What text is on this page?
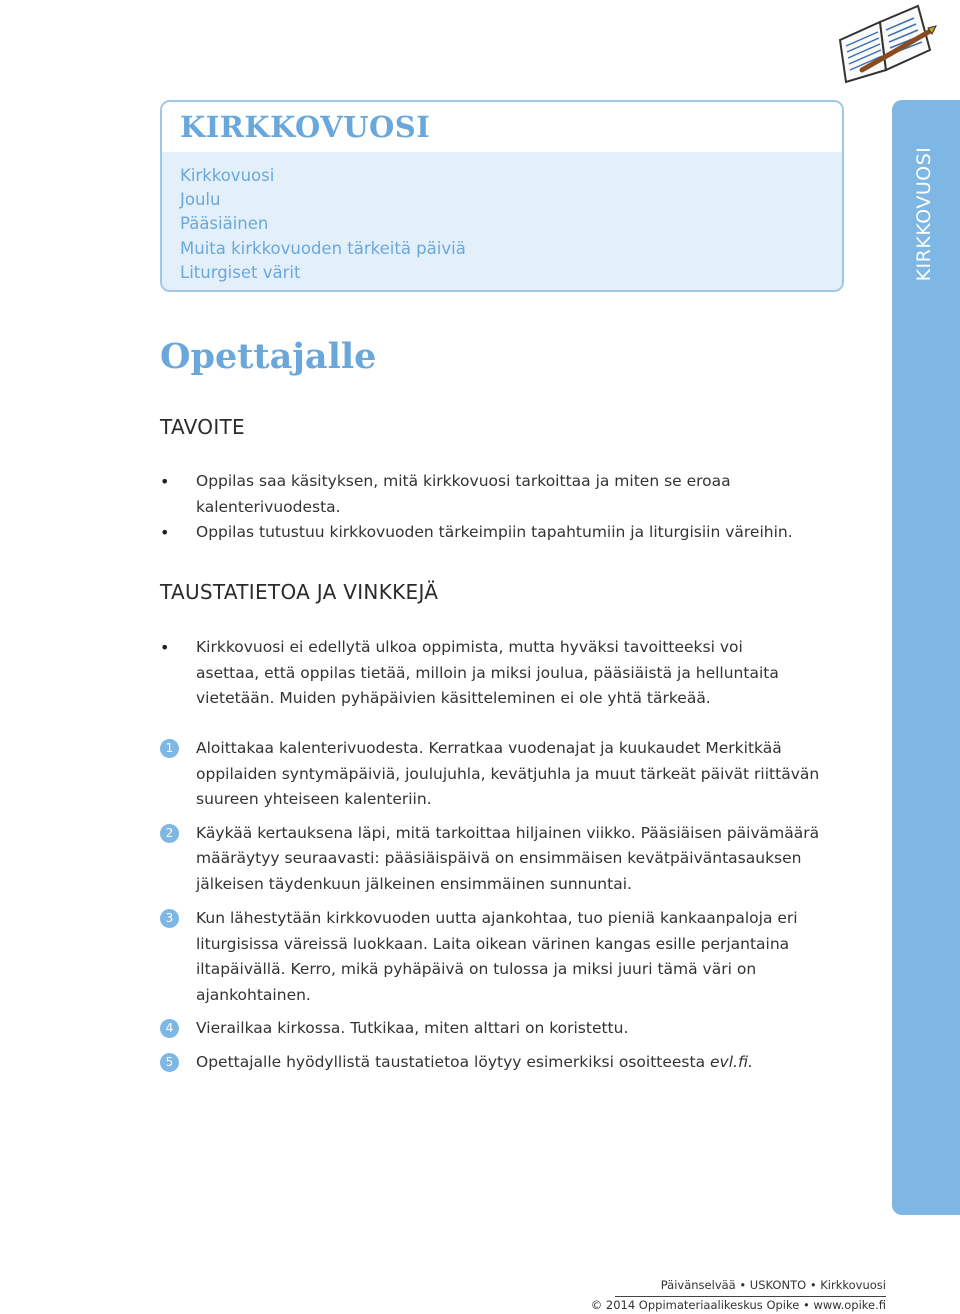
KIRKKOVUOSI
KIRKKOVUOSI
Kirkkovuosi
Joulu
Pääsiäinen
Muita kirkkovuoden tärkeitä päiviä
Liturgiset värit
Opettajalle
TAVOITE
• Oppilas saa käsityksen, mitä kirkkovuosi tarkoittaa ja miten se eroaa kalenterivuodesta.
• Oppilas tutustuu kirkkovuoden tärkeimpiin tapahtumiin ja liturgisiin väreihin.
TAUSTATIETOA JA VINKKEJÄ
• Kirkkovuosi ei edellytä ulkoa oppimista, mutta hyväksi tavoitteeksi voi asettaa, että oppilas tietää, milloin ja miksi joulua, pääsiäistä ja helluntaita vietetään. Muiden pyhäpäivien käsitteleminen ei ole yhtä tärkeää.
1	Aloittakaa kalenterivuodesta. Kerratkaa vuodenajat ja kuukaudet Merkitkää oppilaiden syntymäpäiviä, joulujuhla, kevätjuhla ja muut tärkeät päivät riittävän suureen yhteiseen kalenteriin.
2	Käykää kertauksena läpi, mitä tarkoittaa hiljainen viikko. Pääsiäisen päivämäärä määräytyy seuraavasti: pääsiäispäivä on ensimmäisen kevätpäiväntasauksen jälkeisen täydenkuun jälkeinen ensimmäinen sunnuntai.
3	Kun lähestytään kirkkovuoden uutta ajankohtaa, tuo pieniä kankaanpaloja eri liturgisissa väreissä luokkaan. Laita oikean värinen kangas esille perjantaina iltapäivällä. Kerro, mikä pyhäpäivä on tulossa ja miksi juuri tämä väri on ajankohtainen.
4	Vierailkaa kirkossa. Tutkikaa, miten alttari on koristettu.
5	Opettajalle hyödyllistä taustatietoa löytyy esimerkiksi osoitteesta evl.fi.
Päivänselvää • USKONTO • Kirkkovuosi
© 2014 Oppimateriaalikeskus Opike • www.opike.fi
